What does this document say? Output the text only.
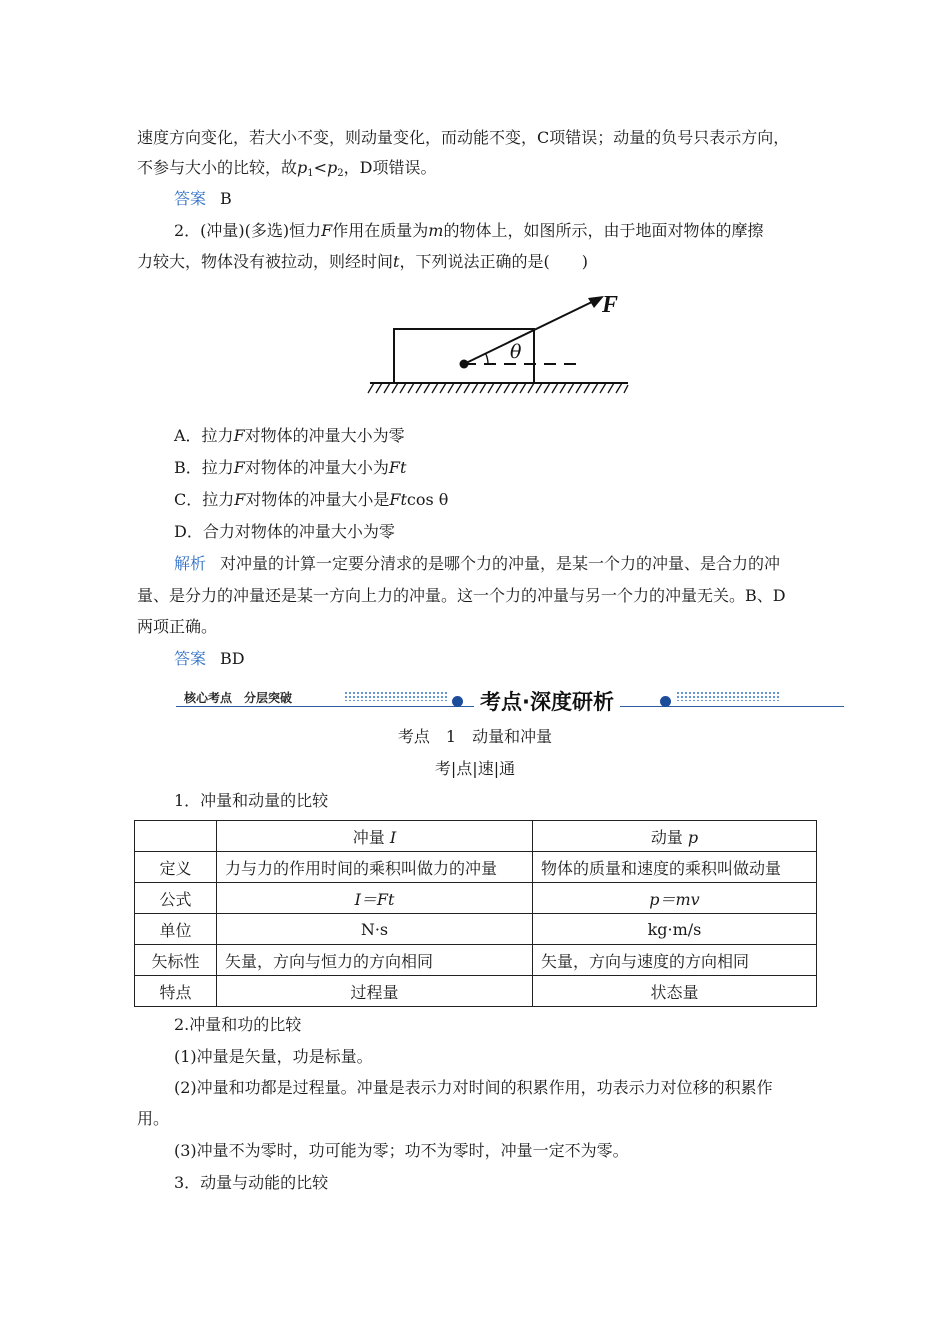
速度方向变化，若大小不变，则动量变化，而动能不变，C项错误；动量的负号只表示方向，
不参与大小的比较，故$p_1<p_2$，D项错误。
答案 B
2．(冲量)(多选)恒力F作用在质量为m的物体上，如图所示，由于地面对物体的摩擦
力较大，物体没有被拉动，则经时间t，下列说法正确的是(　　)
F
θ
A．拉力F对物体的冲量大小为零
B．拉力F对物体的冲量大小为Ft
C．拉力F对物体的冲量大小是Ftcos θ
D．合力对物体的冲量大小为零
解析 对冲量的计算一定要分清求的是哪个力的冲量，是某一个力的冲量、是合力的冲
量、是分力的冲量还是某一方向上力的冲量。这一个力的冲量与另一个力的冲量无关。B、D
两项正确。
答案 BD
核心考点　分层突破	考点·深度研析
考点　1　动量和冲量
考|点|速|通
1．冲量和动量的比较
	冲量 I	动量 p
定义	力与力的作用时间的乘积叫做力的冲量	物体的质量和速度的乘积叫做动量
公式	I＝Ft	p＝mv
单位	N·s	kg·m/s
矢标性	矢量，方向与恒力的方向相同	矢量，方向与速度的方向相同
特点	过程量	状态量
2.冲量和功的比较
(1)冲量是矢量，功是标量。
(2)冲量和功都是过程量。冲量是表示力对时间的积累作用，功表示力对位移的积累作
用。
(3)冲量不为零时，功可能为零；功不为零时，冲量一定不为零。
3．动量与动能的比较
